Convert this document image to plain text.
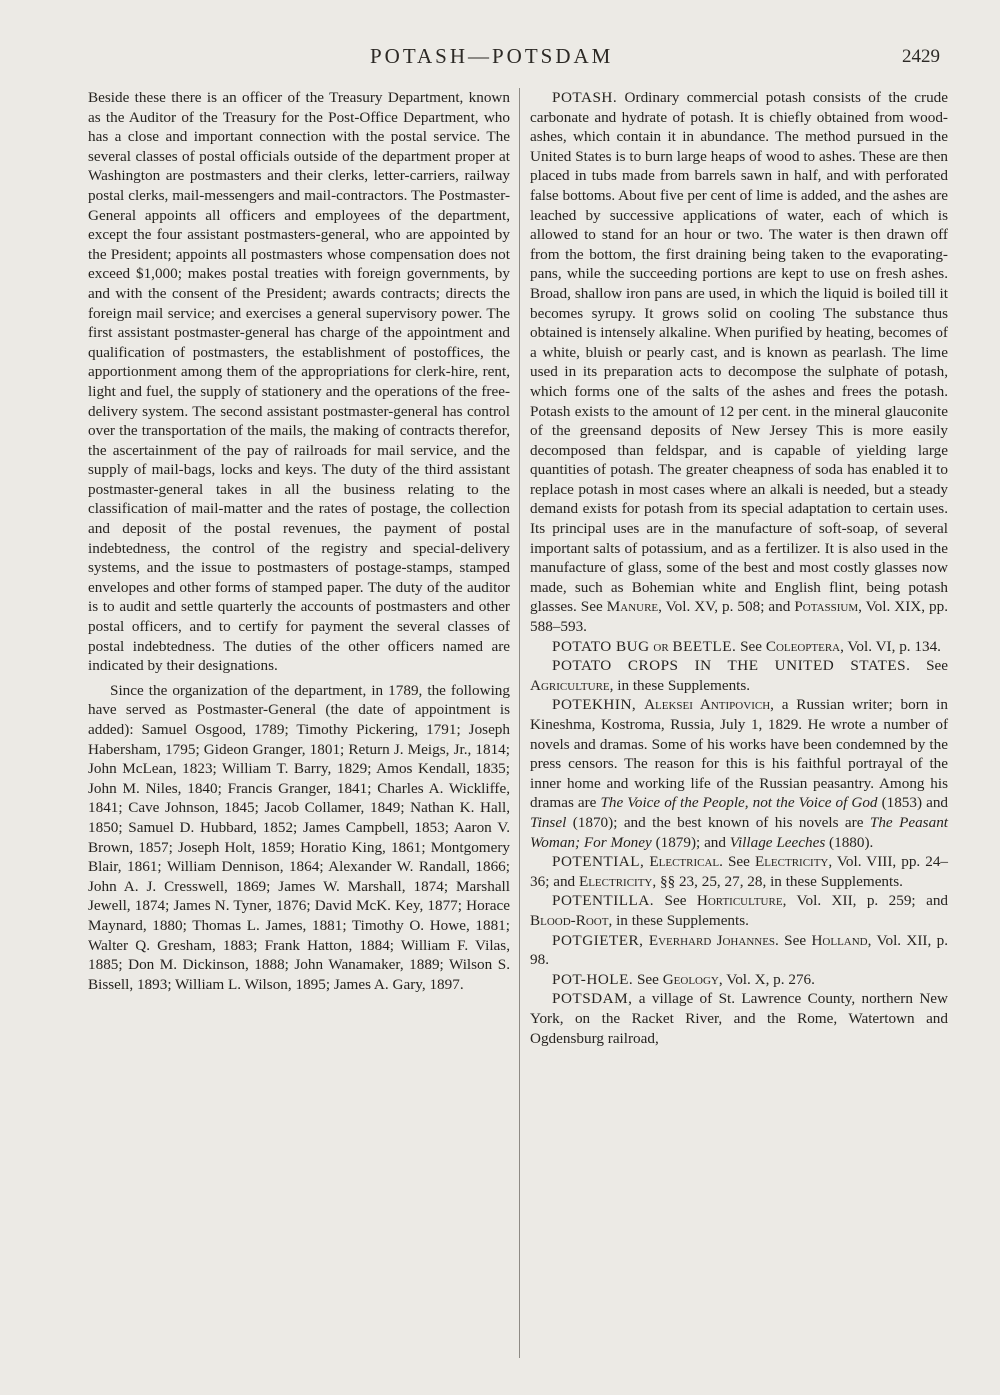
POTASH—POTSDAM	2429

Beside these there is an officer of the Treasury Department, known as the Auditor of the Treasury for the Post-Office Department, who has a close and important connection with the postal service. The several classes of postal officials outside of the department proper at Washington are postmasters and their clerks, letter-carriers, railway postal clerks, mail-messengers and mail-contractors. The Postmaster-General appoints all officers and employees of the department, except the four assistant postmasters-general, who are appointed by the President; appoints all postmasters whose compensation does not exceed $1,000; makes postal treaties with foreign governments, by and with the consent of the President; awards contracts; directs the foreign mail service; and exercises a general supervisory power. The first assistant postmaster-general has charge of the appointment and qualification of postmasters, the establishment of postoffices, the apportionment among them of the appropriations for clerk-hire, rent, light and fuel, the supply of stationery and the operations of the free-delivery system. The second assistant postmaster-general has control over the transportation of the mails, the making of contracts therefor, the ascertainment of the pay of railroads for mail service, and the supply of mail-bags, locks and keys. The duty of the third assistant postmaster-general takes in all the business relating to the classification of mail-matter and the rates of postage, the collection and deposit of the postal revenues, the payment of postal indebtedness, the control of the registry and special-delivery systems, and the issue to postmasters of postage-stamps, stamped envelopes and other forms of stamped paper. The duty of the auditor is to audit and settle quarterly the accounts of postmasters and other postal officers, and to certify for payment the several classes of postal indebtedness. The duties of the other officers named are indicated by their designations.

Since the organization of the department, in 1789, the following have served as Postmaster-General (the date of appointment is added): Samuel Osgood, 1789; Timothy Pickering, 1791; Joseph Habersham, 1795; Gideon Granger, 1801; Return J. Meigs, Jr., 1814; John McLean, 1823; William T. Barry, 1829; Amos Kendall, 1835; John M. Niles, 1840; Francis Granger, 1841; Charles A. Wickliffe, 1841; Cave Johnson, 1845; Jacob Collamer, 1849; Nathan K. Hall, 1850; Samuel D. Hubbard, 1852; James Campbell, 1853; Aaron V. Brown, 1857; Joseph Holt, 1859; Horatio King, 1861; Montgomery Blair, 1861; William Dennison, 1864; Alexander W. Randall, 1866; John A. J. Cresswell, 1869; James W. Marshall, 1874; Marshall Jewell, 1874; James N. Tyner, 1876; David McK. Key, 1877; Horace Maynard, 1880; Thomas L. James, 1881; Timothy O. Howe, 1881; Walter Q. Gresham, 1883; Frank Hatton, 1884; William F. Vilas, 1885; Don M. Dickinson, 1888; John Wanamaker, 1889; Wilson S. Bissell, 1893; William L. Wilson, 1895; James A. Gary, 1897.

POTASH. Ordinary commercial potash consists of the crude carbonate and hydrate of potash. It is chiefly obtained from wood-ashes, which contain it in abundance. The method pursued in the United States is to burn large heaps of wood to ashes. These are then placed in tubs made from barrels sawn in half, and with perforated false bottoms. About five per cent of lime is added, and the ashes are leached by successive applications of water, each of which is allowed to stand for an hour or two. The water is then drawn off from the bottom, the first draining being taken to the evaporating-pans, while the succeeding portions are kept to use on fresh ashes. Broad, shallow iron pans are used, in which the liquid is boiled till it becomes syrupy. It grows solid on cooling The substance thus obtained is intensely alkaline. When purified by heating, becomes of a white, bluish or pearly cast, and is known as pearlash. The lime used in its preparation acts to decompose the sulphate of potash, which forms one of the salts of the ashes and frees the potash. Potash exists to the amount of 12 per cent. in the mineral glauconite of the greensand deposits of New Jersey This is more easily decomposed than feldspar, and is capable of yielding large quantities of potash. The greater cheapness of soda has enabled it to replace potash in most cases where an alkali is needed, but a steady demand exists for potash from its special adaptation to certain uses. Its principal uses are in the manufacture of soft-soap, of several important salts of potassium, and as a fertilizer. It is also used in the manufacture of glass, some of the best and most costly glasses now made, such as Bohemian white and English flint, being potash glasses. See Manure, Vol. XV, p. 508; and Potassium, Vol. XIX, pp. 588–593.

POTATO BUG or BEETLE. See Coleoptera, Vol. VI, p. 134.

POTATO CROPS IN THE UNITED STATES. See Agriculture, in these Supplements.

POTEKHIN, Aleksei Antipovich, a Russian writer; born in Kineshma, Kostroma, Russia, July 1, 1829. He wrote a number of novels and dramas. Some of his works have been condemned by the press censors. The reason for this is his faithful portrayal of the inner home and working life of the Russian peasantry. Among his dramas are The Voice of the People, not the Voice of God (1853) and Tinsel (1870); and the best known of his novels are The Peasant Woman; For Money (1879); and Village Leeches (1880).

POTENTIAL, Electrical. See Electricity, Vol. VIII, pp. 24–36; and Electricity, §§ 23, 25, 27, 28, in these Supplements.

POTENTILLA. See Horticulture, Vol. XII, p. 259; and Blood-Root, in these Supplements.

POTGIETER, Everhard Johannes. See Holland, Vol. XII, p. 98.

POT-HOLE. See Geology, Vol. X, p. 276.

POTSDAM, a village of St. Lawrence County, northern New York, on the Racket River, and the Rome, Watertown and Ogdensburg railroad,
